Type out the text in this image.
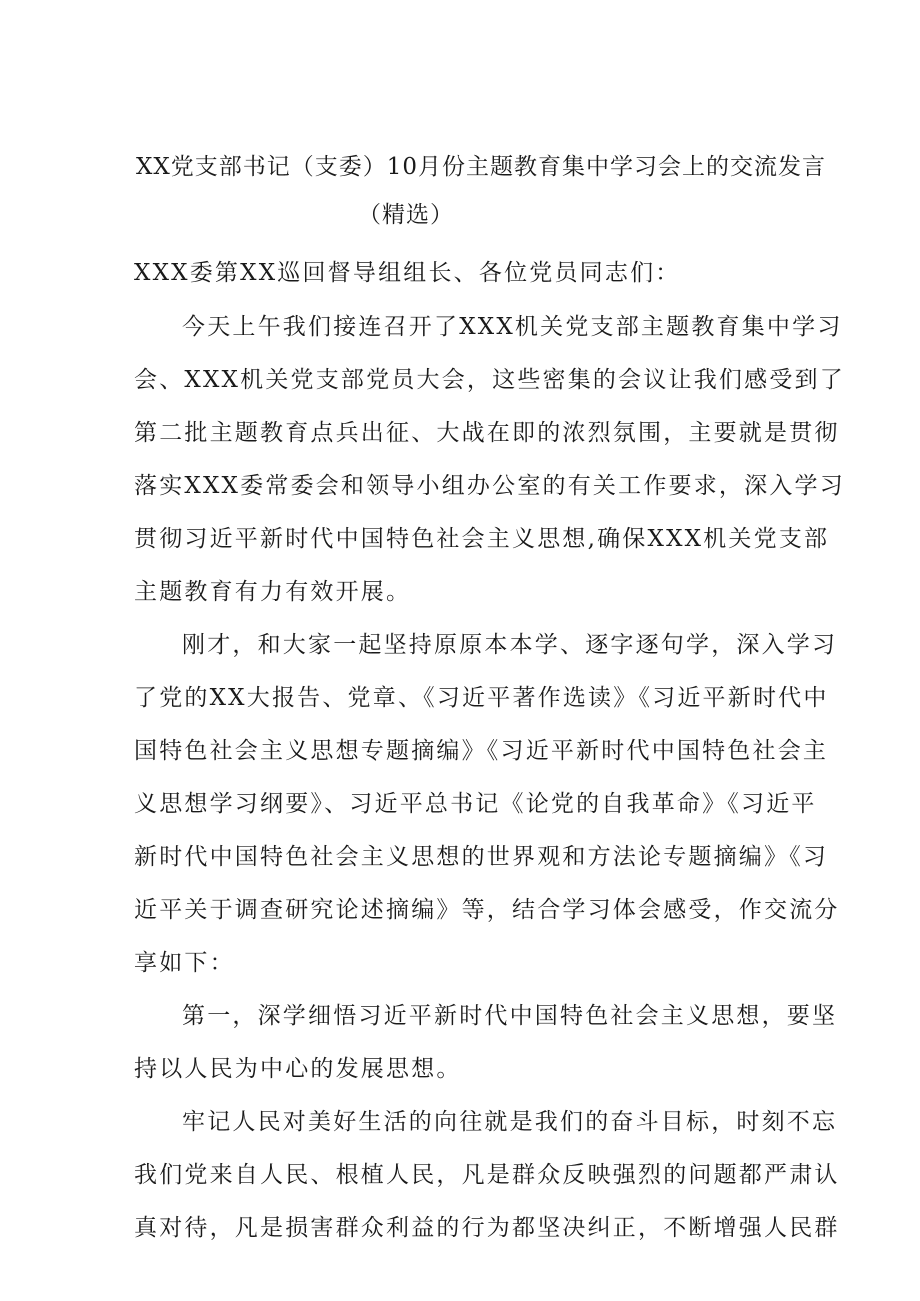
XX党支部书记（支委）10月份主题教育集中学习会上的交流发言
（精选）
XXX委第XX巡回督导组组长、各位党员同志们：
今天上午我们接连召开了XXX机关党支部主题教育集中学习
会、XXX机关党支部党员大会，这些密集的会议让我们感受到了
第二批主题教育点兵出征、大战在即的浓烈氛围，主要就是贯彻
落实XXX委常委会和领导小组办公室的有关工作要求，深入学习
贯彻习近平新时代中国特色社会主义思想,确保XXX机关党支部
主题教育有力有效开展。
刚才，和大家一起坚持原原本本学、逐字逐句学，深入学习
了党的XX大报告、党章、《习近平著作选读》《习近平新时代中
国特色社会主义思想专题摘编》《习近平新时代中国特色社会主
义思想学习纲要》、习近平总书记《论党的自我革命》《习近平
新时代中国特色社会主义思想的世界观和方法论专题摘编》《习
近平关于调查研究论述摘编》等，结合学习体会感受，作交流分
享如下：
第一，深学细悟习近平新时代中国特色社会主义思想，要坚
持以人民为中心的发展思想。
牢记人民对美好生活的向往就是我们的奋斗目标，时刻不忘
我们党来自人民、根植人民，凡是群众反映强烈的问题都严肃认
真对待，凡是损害群众利益的行为都坚决纠正，不断增强人民群
